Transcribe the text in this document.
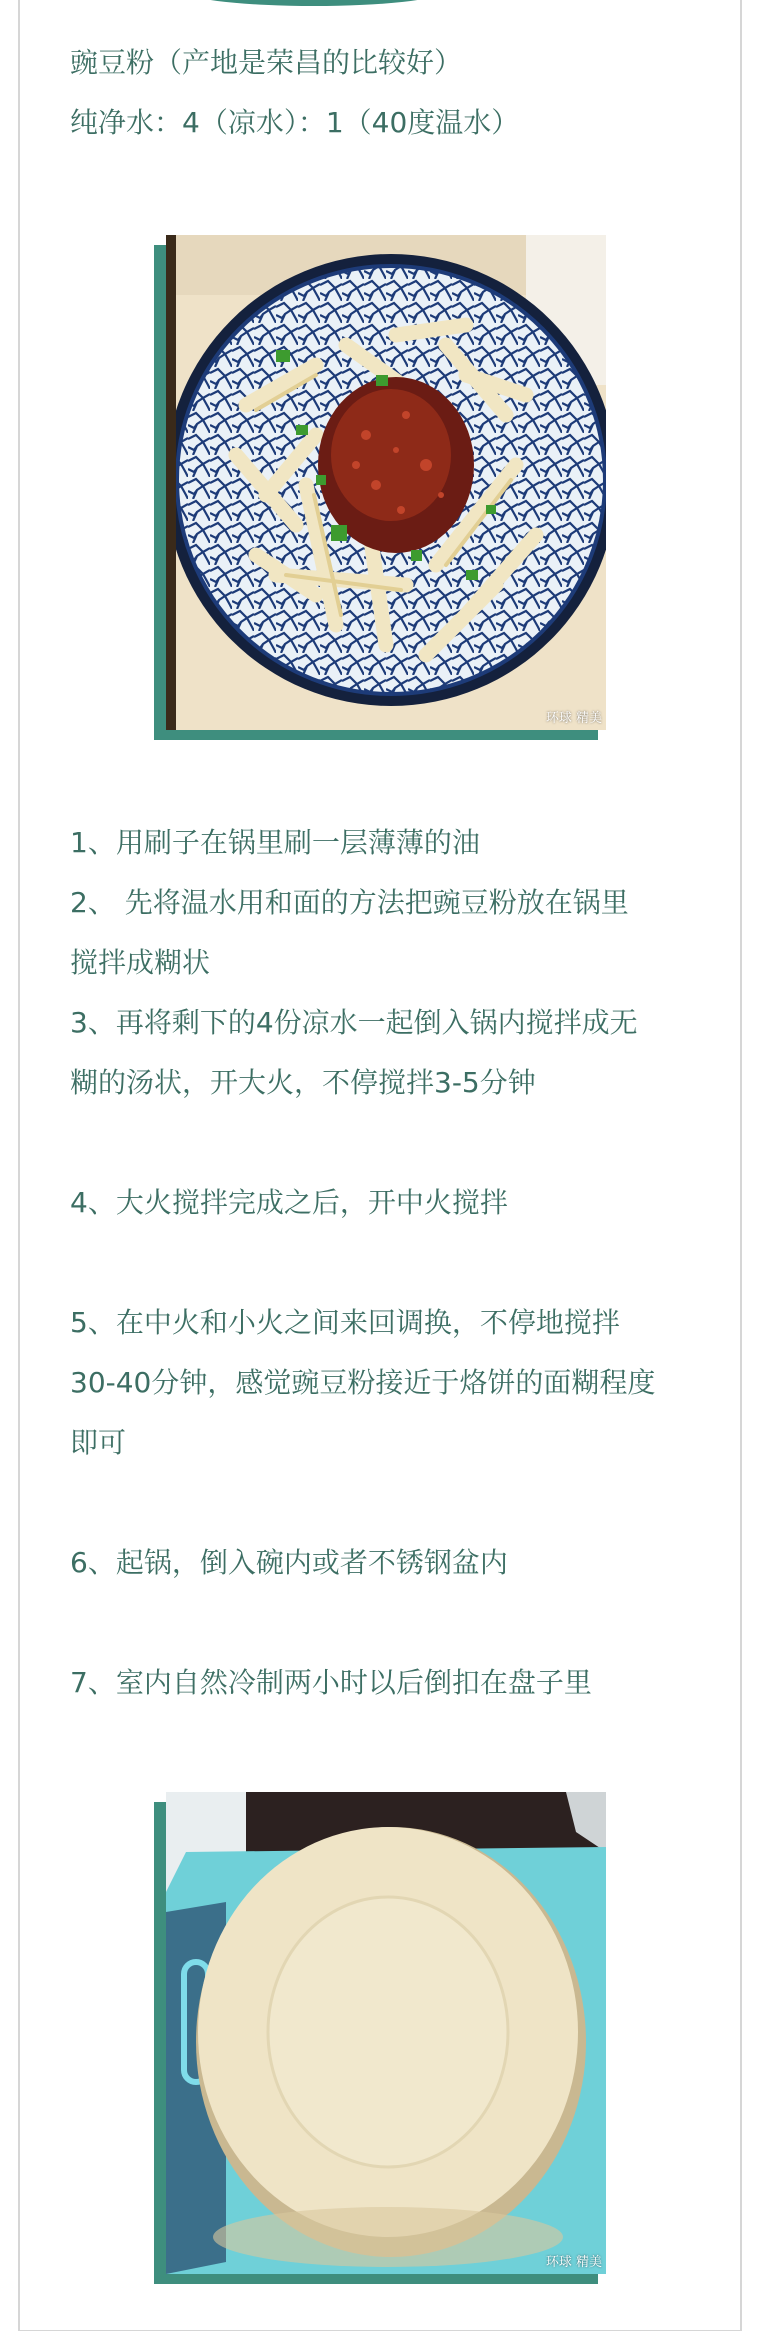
豌豆粉（产地是荣昌的比较好）
纯净水：4（凉水）：1（40度温水）
环球 精美
1、用刷子在锅里刷一层薄薄的油
2、 先将温水用和面的方法把豌豆粉放在锅里
搅拌成糊状
3、再将剩下的4份凉水一起倒入锅内搅拌成无
糊的汤状，开大火，不停搅拌3-5分钟
4、大火搅拌完成之后，开中火搅拌
5、在中火和小火之间来回调换，不停地搅拌
30-40分钟，感觉豌豆粉接近于烙饼的面糊程度
即可
6、起锅，倒入碗内或者不锈钢盆内
7、室内自然冷制两小时以后倒扣在盘子里
环球 精美
